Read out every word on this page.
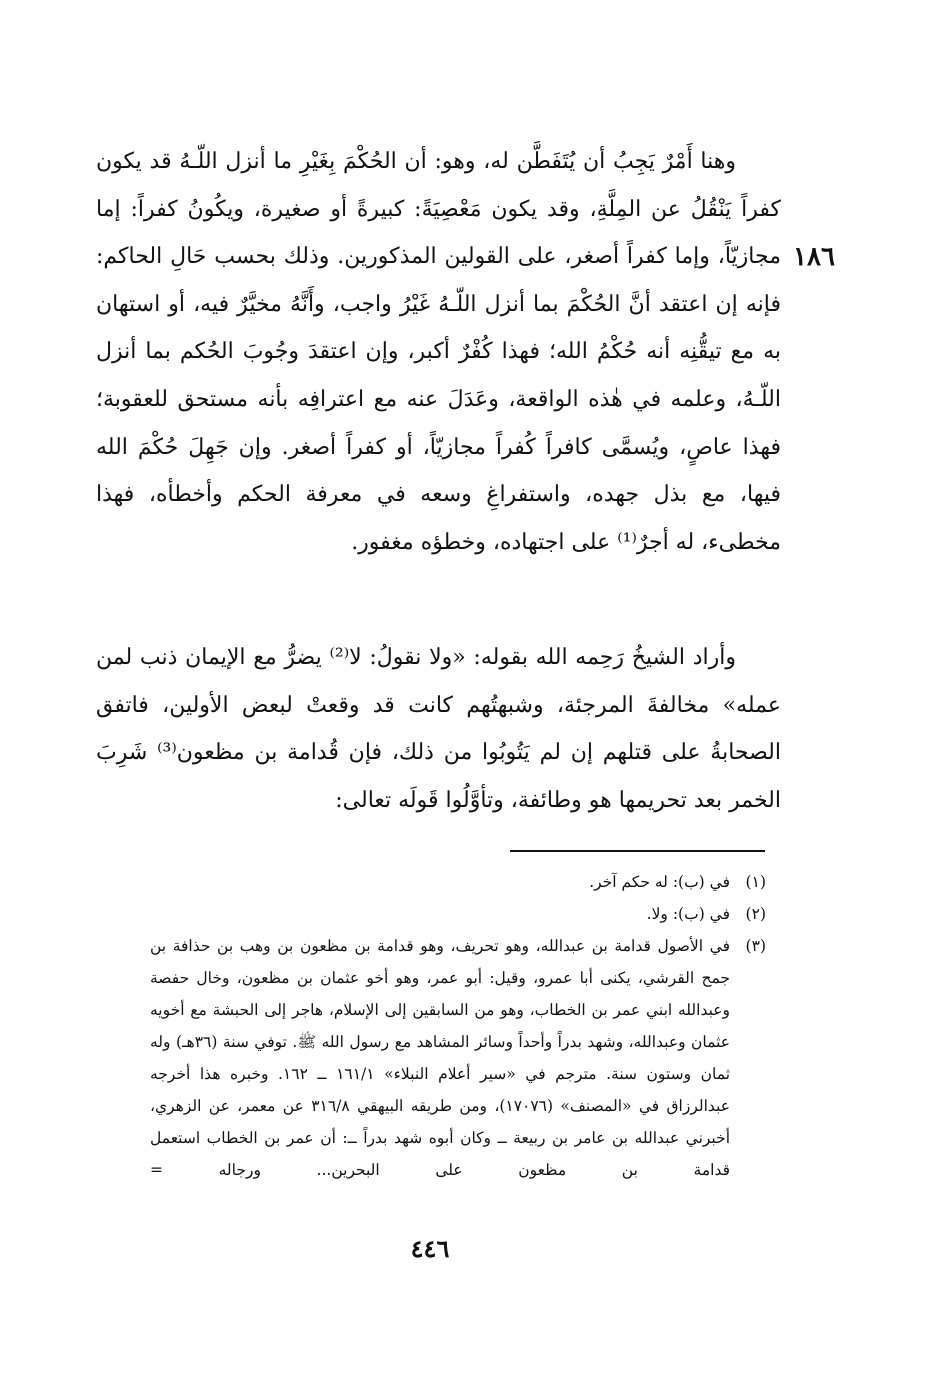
١٨٦

وهنا أَمْرٌ يَجِبُ أن يُتَفَطَّن له، وهو: أن الحُكْمَ بِغَيْرِ ما أنزل اللّـهُ قد يكون كفراً يَنْقُلُ عن المِلَّةِ، وقد يكون مَعْصِيَةً: كبيرةً أو صغيرة، ويكُونُ كفراً: إما مجازيّاً، وإما كفراً أصغر، على القولين المذكورين. وذلك بحسب حَالِ الحاكم: فإنه إن اعتقد أنَّ الحُكْمَ بما أنزل اللّـهُ غَيْرُ واجب، وأَنَّهُ مخيَّرٌ فيه، أو استهان به مع تيقُّنِه أنه حُكْمُ الله؛ فهذا كُفْرٌ أكبر، وإن اعتقدَ وجُوبَ الحُكم بما أنزل اللّـهُ، وعلمه في هٰذه الواقعة، وعَدَلَ عنه مع اعترافِه بأنه مستحق للعقوبة؛ فهذا عاصٍ، ويُسمَّى كافراً كُفراً مجازيّاً، أو كفراً أصغر. وإن جَهِلَ حُكْمَ الله فيها، مع بذل جهده، واستفراغِ وسعه في معرفة الحكم وأخطأه، فهذا مخطىء، له أجرٌ⁽¹⁾ على اجتهاده، وخطؤه مغفور.

وأراد الشيخُ رَحِمه الله بقوله: «ولا نقولُ: لا⁽²⁾ يضرُّ مع الإيمان ذنب لمن عمله» مخالفةَ المرجئة، وشبهتُهم كانت قد وقعتْ لبعض الأولين، فاتفق الصحابةُ على قتلهم إن لم يَتُوبُوا من ذلك، فإن قُدامة بن مظعون⁽³⁾ شَرِبَ الخمر بعد تحريمها هو وطائفة، وتأوَّلُوا قَولَه تعالى:

(١)
في (ب): له حكم آخر.

(٢)
في (ب): ولا.

(٣)
في الأصول قدامة بن عبدالله، وهو تحريف، وهو قدامة بن مظعون بن وهب بن حذافة بن جمح القرشي، يكنى أبا عمرو، وقيل: أبو عمر، وهو أخو عثمان بن مظعون، وخال حفصة وعبدالله ابني عمر بن الخطاب، وهو من السابقين إلى الإسلام، هاجر إلى الحبشة مع أخويه عثمان وعبدالله، وشهد بدراً وأحداً وسائر المشاهد مع رسول الله ﷺ. توفي سنة (٣٦هـ) وله ثمان وستون سنة. مترجم في «سير أعلام النبلاء» ١٦١/١ ــ ١٦٢. وخبره هذا أخرجه عبدالرزاق في «المصنف» (١٧٠٧٦)، ومن طريقه البيهقي ٣١٦/٨ عن معمر، عن الزهري، أخبرني عبدالله بن عامر بن ربيعة ــ وكان أبوه شهد بدراً ــ: أن عمر بن الخطاب استعمل قدامة بن مظعون على البحرين... ورجاله =

٤٤٦
